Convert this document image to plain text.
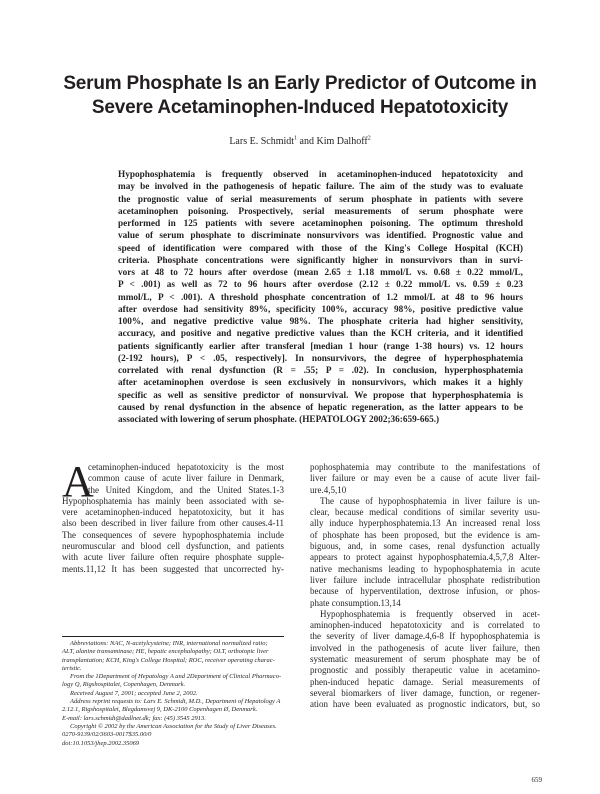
Serum Phosphate Is an Early Predictor of Outcome in
Severe Acetaminophen-Induced Hepatotoxicity
Lars E. Schmidt$^1$ and Kim Dalhoff$^2$
Hypophosphatemia is frequently observed in acetaminophen-induced hepatotoxicity and
may be involved in the pathogenesis of hepatic failure. The aim of the study was to evaluate
the prognostic value of serial measurements of serum phosphate in patients with severe
acetaminophen poisoning. Prospectively, serial measurements of serum phosphate were
performed in 125 patients with severe acetaminophen poisoning. The optimum threshold
value of serum phosphate to discriminate nonsurvivors was identified. Prognostic value and
speed of identification were compared with those of the King's College Hospital (KCH)
criteria. Phosphate concentrations were significantly higher in nonsurvivors than in survi-
vors at 48 to 72 hours after overdose (mean 2.65 ± 1.18 mmol/L vs. 0.68 ± 0.22 mmol/L,
P < .001) as well as 72 to 96 hours after overdose (2.12 ± 0.22 mmol/L vs. 0.59 ± 0.23
mmol/L, P < .001). A threshold phosphate concentration of 1.2 mmol/L at 48 to 96 hours
after overdose had sensitivity 89%, specificity 100%, accuracy 98%, positive predictive value
100%, and negative predictive value 98%. The phosphate criteria had higher sensitivity,
accuracy, and positive and negative predictive values than the KCH criteria, and it identified
patients significantly earlier after transferal [median 1 hour (range 1-38 hours) vs. 12 hours
(2-192 hours), P < .05, respectively]. In nonsurvivors, the degree of hyperphosphatemia
correlated with renal dysfunction (R = .55; P = .02). In conclusion, hyperphosphatemia
after acetaminophen overdose is seen exclusively in nonsurvivors, which makes it a highly
specific as well as sensitive predictor of nonsurvival. We propose that hyperphosphatemia is
caused by renal dysfunction in the absence of hepatic regeneration, as the latter appears to be
associated with lowering of serum phosphate. (HEPATOLOGY 2002;36:659-665.)
A
cetaminophen-induced hepatotoxicity is the most
common cause of acute liver failure in Denmark,
the United Kingdom, and the United States.1-3
Hypophosphatemia has mainly been associated with se-
vere acetaminophen-induced hepatotoxicity, but it has
also been described in liver failure from other causes.4-11
The consequences of severe hypophosphatemia include
neuromuscular and blood cell dysfunction, and patients
with acute liver failure often require phosphate supple-
ments.11,12 It has been suggested that uncorrected hy-
Abbreviations: NAC, N-acetylcysteine; INR, international normalized ratio;
ALT, alanine transaminase; HE, hepatic encephalopathy; OLT, orthotopic liver
transplantation; KCH, King's College Hospital; ROC, receiver operating charac-
teristic.
From the 1Department of Hepatology A and 2Department of Clinical Pharmaco-
logy Q, Rigshospitalet, Copenhagen, Denmark.
Received August 7, 2001; accepted June 2, 2002.
Address reprint requests to: Lars E. Schmidt, M.D., Department of Hepatology A
2.12.1, Rigshospitalet, Blegdamsvej 9, DK-2100 Copenhagen Ø, Denmark.
E-mail: lars.schmidt@dadlnet.dk; fax: (45) 3545 2913.
Copyright © 2002 by the American Association for the Study of Liver Diseases.
0270-9139/02/3603-0017$35.00/0
doi:10.1053/jhep.2002.35069
pophosphatemia may contribute to the manifestations of
liver failure or may even be a cause of acute liver fail-
ure.4,5,10
The cause of hypophosphatemia in liver failure is un-
clear, because medical conditions of similar severity usu-
ally induce hyperphosphatemia.13 An increased renal loss
of phosphate has been proposed, but the evidence is am-
biguous, and, in some cases, renal dysfunction actually
appears to protect against hypophosphatemia.4,5,7,8 Alter-
native mechanisms leading to hypophosphatemia in acute
liver failure include intracellular phosphate redistribution
because of hyperventilation, dextrose infusion, or phos-
phate consumption.13,14
Hypophosphatemia is frequently observed in acet-
aminophen-induced hepatotoxicity and is correlated to
the severity of liver damage.4,6-8 If hypophosphatemia is
involved in the pathogenesis of acute liver failure, then
systematic measurement of serum phosphate may be of
prognostic and possibly therapeutic value in acetamino-
phen-induced hepatic damage. Serial measurements of
several biomarkers of liver damage, function, or regener-
ation have been evaluated as prognostic indicators, but, so
659
